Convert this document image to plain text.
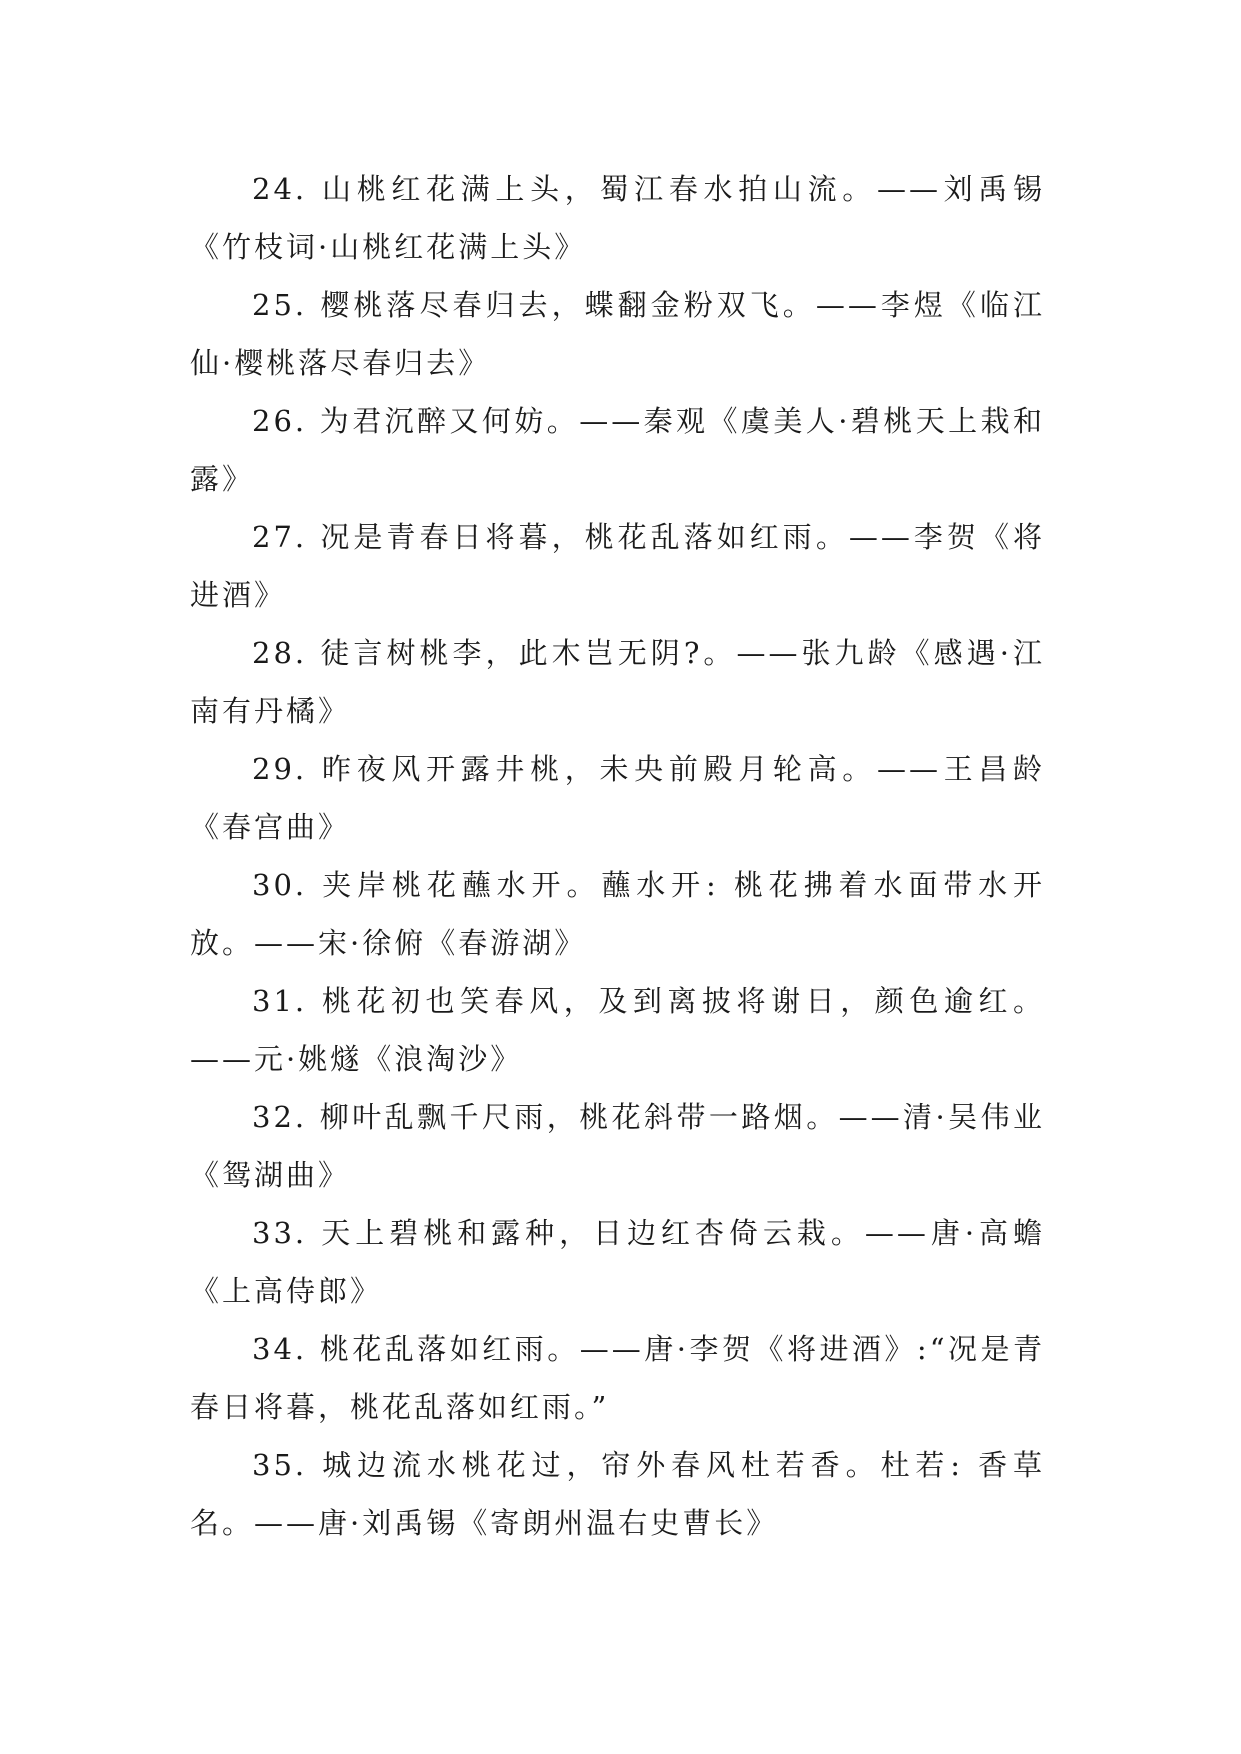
24. 山桃红花满上头，蜀江春水拍山流。——刘禹锡《竹枝词·山桃红花满上头》

25. 樱桃落尽春归去，蝶翻金粉双飞。——李煜《临江仙·樱桃落尽春归去》

26. 为君沉醉又何妨。——秦观《虞美人·碧桃天上栽和露》

27. 况是青春日将暮，桃花乱落如红雨。——李贺《将进酒》

28. 徒言树桃李，此木岂无阴?。——张九龄《感遇·江南有丹橘》

29. 昨夜风开露井桃，未央前殿月轮高。——王昌龄《春宫曲》

30. 夹岸桃花蘸水开。蘸水开: 桃花拂着水面带水开放。——宋·徐俯《春游湖》

31. 桃花初也笑春风，及到离披将谢日，颜色逾红。——元·姚燧《浪淘沙》

32. 柳叶乱飘千尺雨，桃花斜带一路烟。——清·吴伟业《鸳湖曲》

33. 天上碧桃和露种，日边红杏倚云栽。——唐·高蟾《上高侍郎》

34. 桃花乱落如红雨。——唐·李贺《将进酒》:“况是青春日将暮，桃花乱落如红雨。”

35. 城边流水桃花过，帘外春风杜若香。杜若: 香草名。——唐·刘禹锡《寄朗州温右史曹长》
